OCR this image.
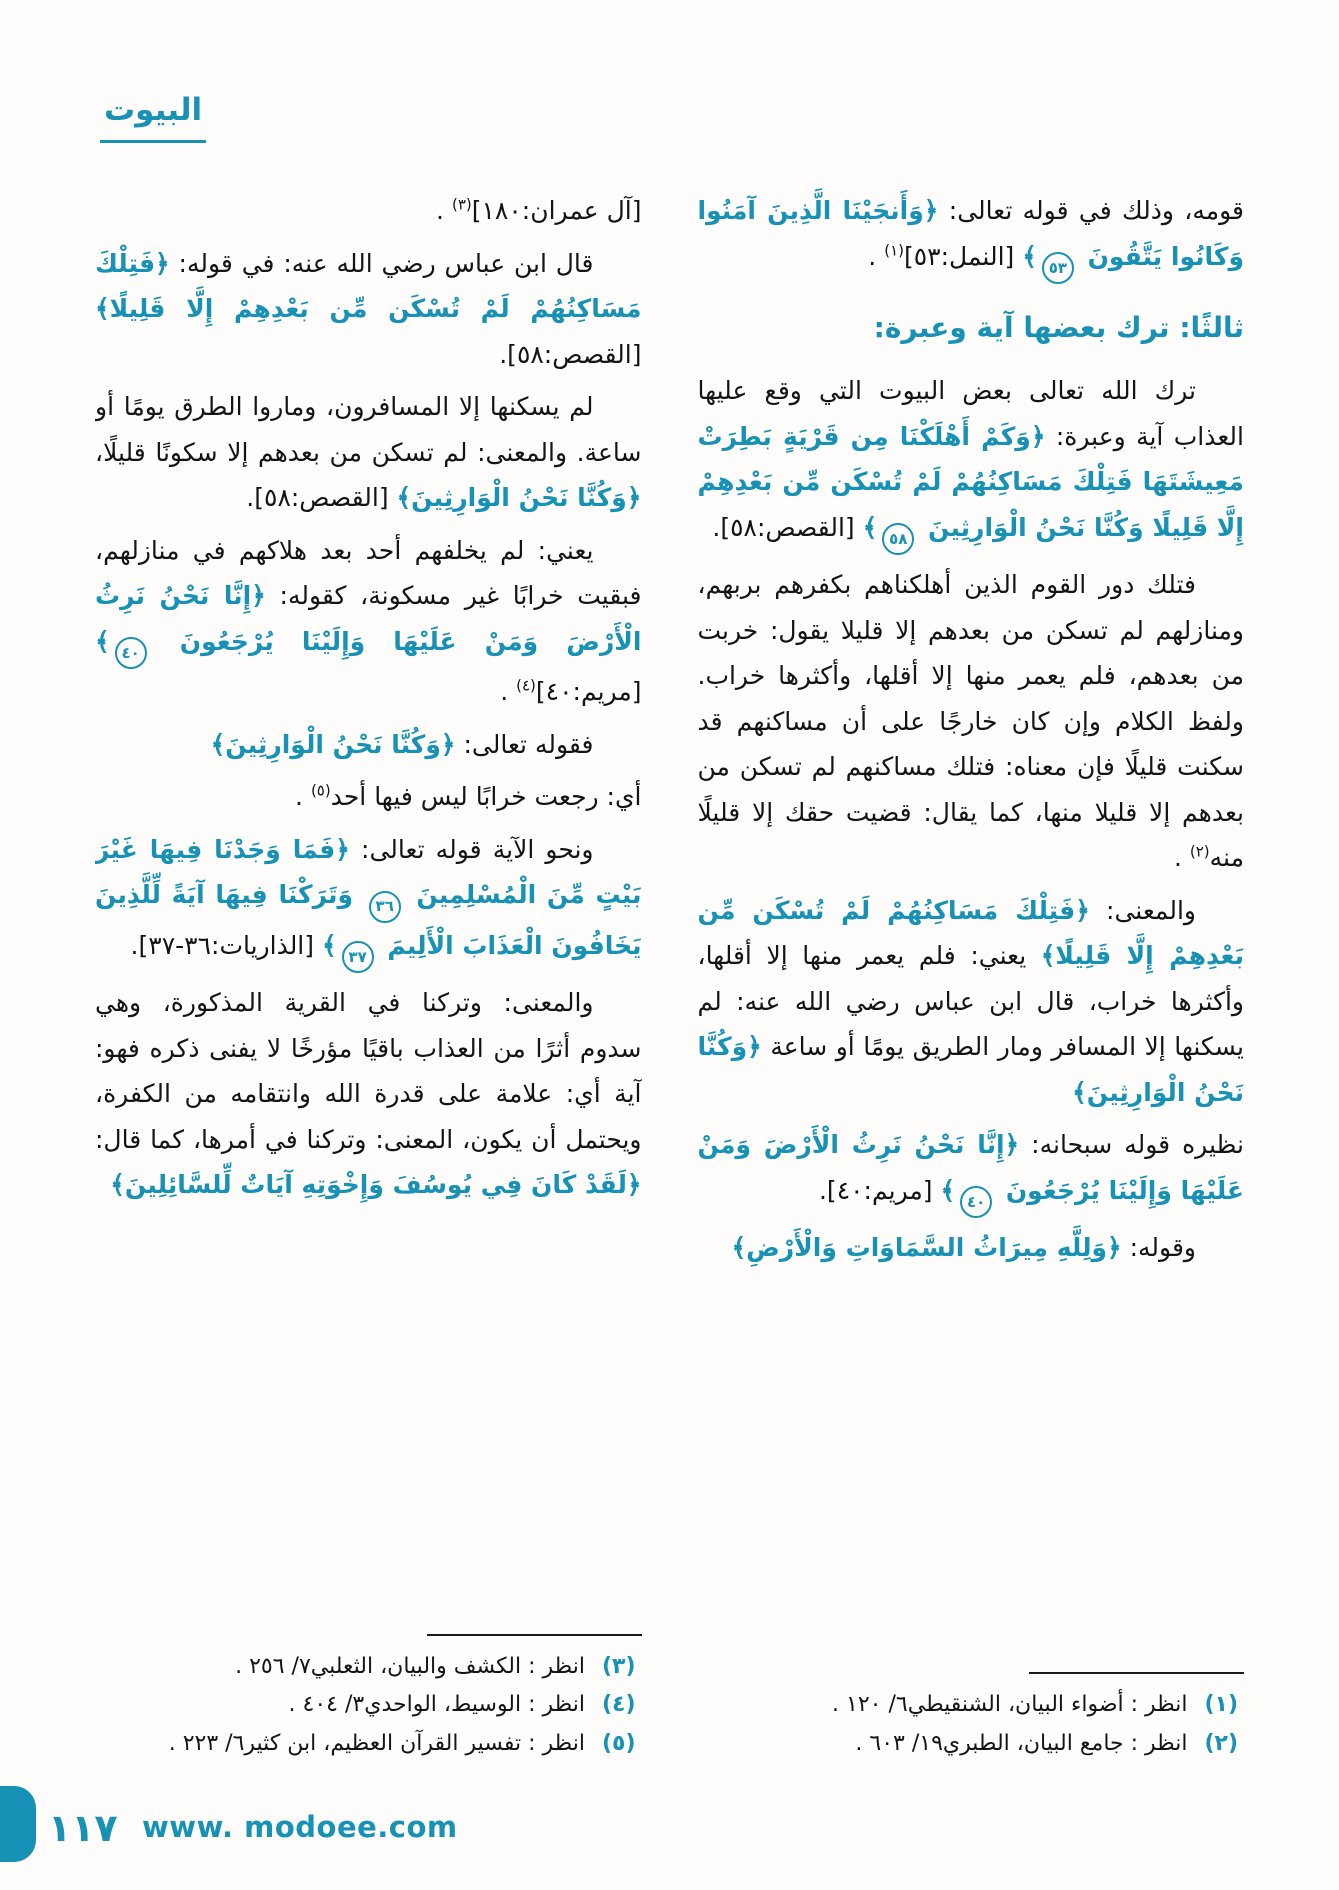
البيوت

قومه، وذلك في قوله تعالى: ﴿وَأَنجَيْنَا الَّذِينَ آمَنُوا وَكَانُوا يَتَّقُونَ ٥٣﴾ [النمل:٥٣]$^{(١)}$ .

ثالثًا: ترك بعضها آية وعبرة:

ترك الله تعالى بعض البيوت التي وقع عليها العذاب آية وعبرة: ﴿وَكَمْ أَهْلَكْنَا مِن قَرْيَةٍ بَطِرَتْ مَعِيشَتَهَا فَتِلْكَ مَسَاكِنُهُمْ لَمْ تُسْكَن مِّن بَعْدِهِمْ إِلَّا قَلِيلًا وَكُنَّا نَحْنُ الْوَارِثِينَ ٥٨﴾ [القصص:٥٨].

فتلك دور القوم الذين أهلكناهم بكفرهم بربهم، ومنازلهم لم تسكن من بعدهم إلا قليلا يقول: خربت من بعدهم، فلم يعمر منها إلا أقلها، وأكثرها خراب. ولفظ الكلام وإن كان خارجًا على أن مساكنهم قد سكنت قليلًا فإن معناه: فتلك مساكنهم لم تسكن من بعدهم إلا قليلا منها، كما يقال: قضيت حقك إلا قليلًا منه$^{(٢)}$ .

والمعنى: ﴿فَتِلْكَ مَسَاكِنُهُمْ لَمْ تُسْكَن مِّن بَعْدِهِمْ إِلَّا قَلِيلًا﴾ يعني: فلم يعمر منها إلا أقلها، وأكثرها خراب، قال ابن عباس رضي الله عنه: لم يسكنها إلا المسافر ومار الطريق يومًا أو ساعة ﴿وَكُنَّا نَحْنُ الْوَارِثِينَ﴾

نظيره قوله سبحانه: ﴿إِنَّا نَحْنُ نَرِثُ الْأَرْضَ وَمَنْ عَلَيْهَا وَإِلَيْنَا يُرْجَعُونَ ٤٠﴾ [مريم:٤٠].

وقوله: ﴿وَلِلَّهِ مِيرَاثُ السَّمَاوَاتِ وَالْأَرْضِ﴾

(١) انظر : أضواء البيان، الشنقيطي٦/ ١٢٠ .
(٢) انظر : جامع البيان، الطبري١٩/ ٦٠٣ .

[آل عمران:١٨٠]$^{(٣)}$ .

قال ابن عباس رضي الله عنه: في قوله: ﴿فَتِلْكَ مَسَاكِنُهُمْ لَمْ تُسْكَن مِّن بَعْدِهِمْ إِلَّا قَلِيلًا﴾ [القصص:٥٨].

لم يسكنها إلا المسافرون، وماروا الطرق يومًا أو ساعة. والمعنى: لم تسكن من بعدهم إلا سكونًا قليلًا، ﴿وَكُنَّا نَحْنُ الْوَارِثِينَ﴾ [القصص:٥٨].

يعني: لم يخلفهم أحد بعد هلاكهم في منازلهم، فبقيت خرابًا غير مسكونة، كقوله: ﴿إِنَّا نَحْنُ نَرِثُ الْأَرْضَ وَمَنْ عَلَيْهَا وَإِلَيْنَا يُرْجَعُونَ ٤٠﴾ [مريم:٤٠]$^{(٤)}$ .

فقوله تعالى: ﴿وَكُنَّا نَحْنُ الْوَارِثِينَ﴾

أي: رجعت خرابًا ليس فيها أحد$^{(٥)}$ .

ونحو الآية قوله تعالى: ﴿فَمَا وَجَدْنَا فِيهَا غَيْرَ بَيْتٍ مِّنَ الْمُسْلِمِينَ ٣٦ وَتَرَكْنَا فِيهَا آيَةً لِّلَّذِينَ يَخَافُونَ الْعَذَابَ الْأَلِيمَ ٣٧﴾ [الذاريات:٣٦-٣٧].

والمعنى: وتركنا في القرية المذكورة، وهي سدوم أثرًا من العذاب باقيًا مؤرخًا لا يفنى ذكره فهو: آية أي: علامة على قدرة الله وانتقامه من الكفرة، ويحتمل أن يكون، المعنى: وتركنا في أمرها، كما قال: ﴿لَقَدْ كَانَ فِي يُوسُفَ وَإِخْوَتِهِ آيَاتٌ لِّلسَّائِلِينَ﴾

(٣) انظر : الكشف والبيان، الثعلبي٧/ ٢٥٦ .
(٤) انظر : الوسيط، الواحدي٣/ ٤٠٤ .
(٥) انظر : تفسير القرآن العظيم، ابن كثير٦/ ٢٢٣ .
١١٧ www. modoee.com
